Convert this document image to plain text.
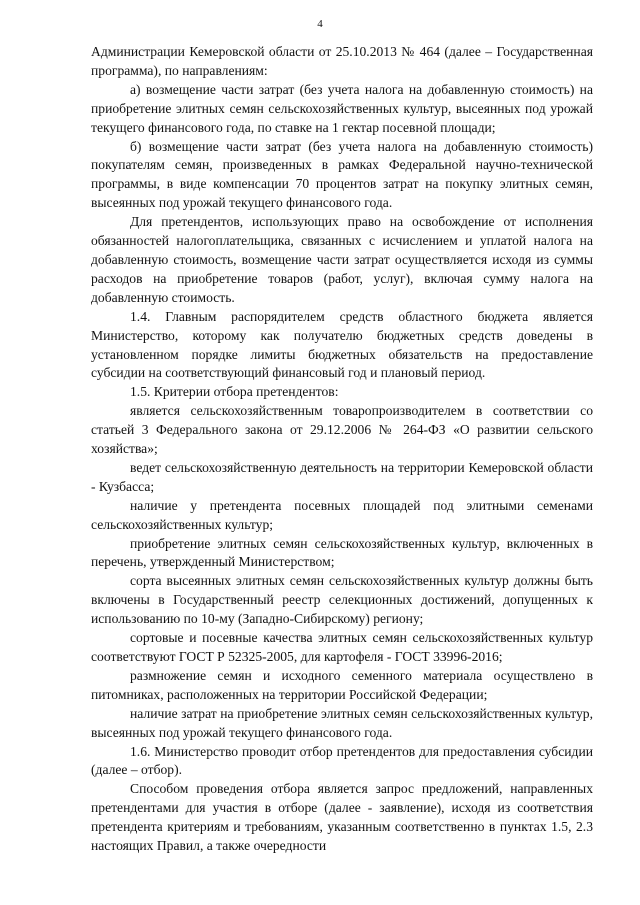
4

Администрации Кемеровской области от 25.10.2013 № 464 (далее – Государственная программа), по направлениям:

а) возмещение части затрат (без учета налога на добавленную стоимость) на приобретение элитных семян сельскохозяйственных культур, высеянных под урожай текущего финансового года, по ставке на 1 гектар посевной площади;

б) возмещение части затрат (без учета налога на добавленную стоимость) покупателям семян, произведенных в рамках Федеральной научно-технической программы, в виде компенсации 70 процентов затрат на покупку элитных семян, высеянных под урожай текущего финансового года.

Для претендентов, использующих право на освобождение от исполнения обязанностей налогоплательщика, связанных с исчислением и уплатой налога на добавленную стоимость, возмещение части затрат осуществляется исходя из суммы расходов на приобретение товаров (работ, услуг), включая сумму налога на добавленную стоимость.

1.4. Главным распорядителем средств областного бюджета является Министерство, которому как получателю бюджетных средств доведены в установленном порядке лимиты бюджетных обязательств на предоставление субсидии на соответствующий финансовый год и плановый период.

1.5. Критерии отбора претендентов:

является сельскохозяйственным товаропроизводителем в соответствии со статьей 3 Федерального закона от 29.12.2006 № 264-ФЗ «О развитии сельского хозяйства»;

ведет сельскохозяйственную деятельность на территории Кемеровской области - Кузбасса;

наличие у претендента посевных площадей под элитными семенами сельскохозяйственных культур;

приобретение элитных семян сельскохозяйственных культур, включенных в перечень, утвержденный Министерством;

сорта высеянных элитных семян сельскохозяйственных культур должны быть включены в Государственный реестр селекционных достижений, допущенных к использованию по 10-му (Западно-Сибирскому) региону;

сортовые и посевные качества элитных семян сельскохозяйственных культур соответствуют ГОСТ Р 52325-2005, для картофеля - ГОСТ 33996-2016;

размножение семян и исходного семенного материала осуществлено в питомниках, расположенных на территории Российской Федерации;

наличие затрат на приобретение элитных семян сельскохозяйственных культур, высеянных под урожай текущего финансового года.

1.6. Министерство проводит отбор претендентов для предоставления субсидии (далее – отбор).

Способом проведения отбора является запрос предложений, направленных претендентами для участия в отборе (далее - заявление), исходя из соответствия претендента критериям и требованиям, указанным соответственно в пунктах 1.5, 2.3 настоящих Правил, а также очередности
